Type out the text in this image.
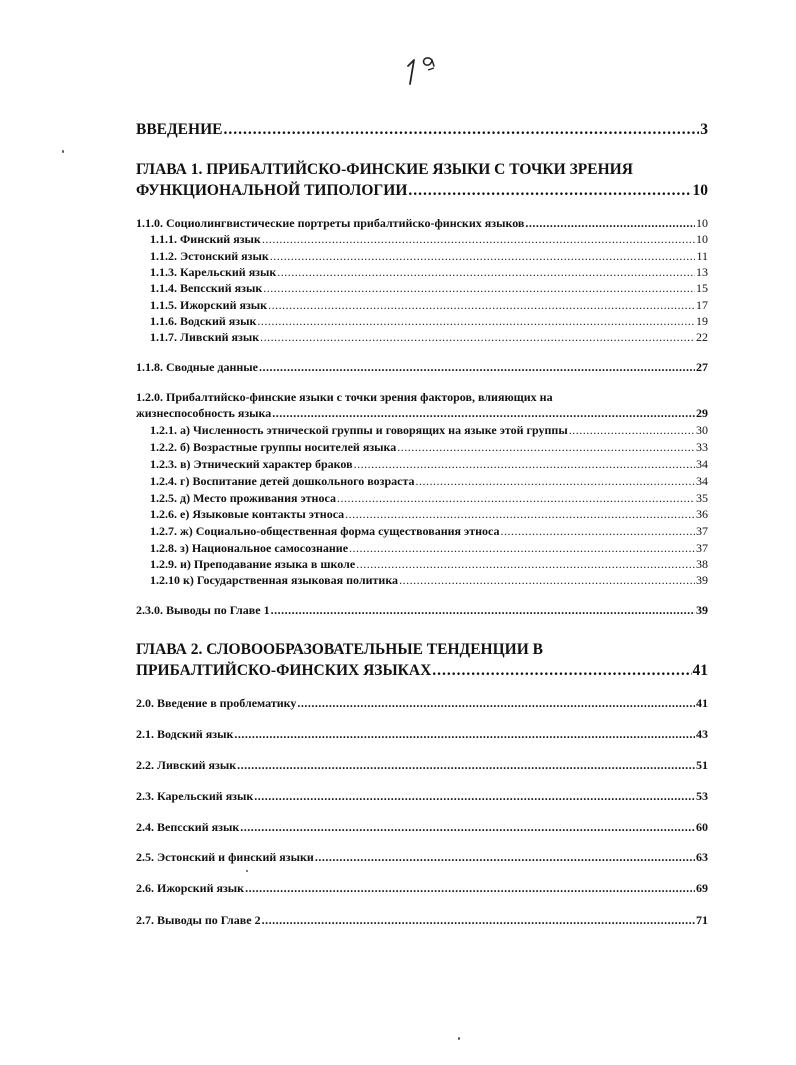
ВВЕДЕНИЕ .....	3
ГЛАВА 1. ПРИБАЛТИЙСКО-ФИНСКИЕ ЯЗЫКИ С ТОЧКИ ЗРЕНИЯ
ФУНКЦИОНАЛЬНОЙ ТИПОЛОГИИ .....	10
1.1.0. Социолингвистические портреты прибалтийско-финских языков .....	10
1.1.1. Финский язык .....	10
1.1.2. Эстонский язык .....	11
1.1.3. Карельский язык .....	13
1.1.4. Вепсский язык .....	15
1.1.5. Ижорский язык .....	17
1.1.6. Водский язык .....	19
1.1.7. Ливский язык .....	22
1.1.8. Сводные данные .....	27
1.2.0. Прибалтийско-финские языки с точки зрения факторов, влияющих на
жизнеспособность языка .....	29
1.2.1. а) Численность этнической группы и говорящих на языке этой группы .....	30
1.2.2. б) Возрастные группы носителей языка .....	33
1.2.3. в) Этнический характер браков .....	34
1.2.4. г) Воспитание детей дошкольного возраста .....	34
1.2.5. д) Место проживания этноса .....	35
1.2.6. е) Языковые контакты этноса .....	36
1.2.7. ж) Социально-общественная форма существования этноса .....	37
1.2.8. з) Национальное самосознание .....	37
1.2.9. и) Преподавание языка в школе .....	38
1.2.10 к) Государственная языковая политика .....	39
2.3.0. Выводы по Главе 1 .....	39
ГЛАВА 2. СЛОВООБРАЗОВАТЕЛЬНЫЕ ТЕНДЕНЦИИ В
ПРИБАЛТИЙСКО-ФИНСКИХ ЯЗЫКАХ .....	41
2.0. Введение в проблематику .....	41
2.1. Водский язык .....	43
2.2. Ливский язык .....	51
2.3. Карельский язык .....	53
2.4. Вепсский язык .....	60
2.5. Эстонский и финский языки .....	63
2.6. Ижорский язык .....	69
2.7. Выводы по Главе 2 .....	71
